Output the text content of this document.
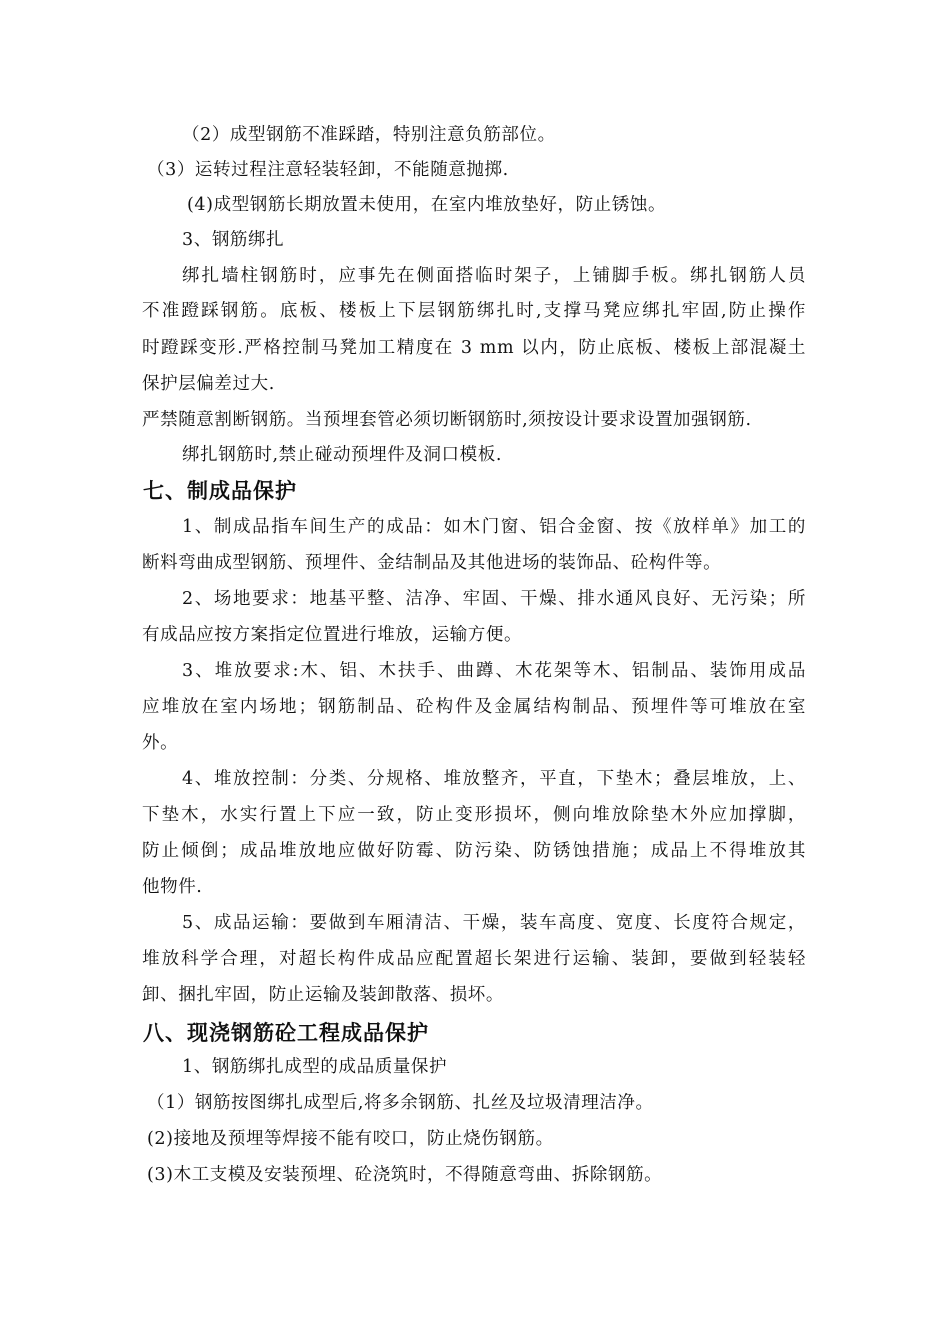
（2）成型钢筋不准踩踏，特别注意负筋部位。
（3）运转过程注意轻装轻卸，不能随意抛掷.
(4)成型钢筋长期放置未使用，在室内堆放垫好，防止锈蚀。
3、钢筋绑扎
绑扎墙柱钢筋时，应事先在侧面搭临时架子，上铺脚手板。绑扎钢筋人员
不准蹬踩钢筋。底板、楼板上下层钢筋绑扎时,支撑马凳应绑扎牢固,防止操作
时蹬踩变形.严格控制马凳加工精度在 3 mm 以内，防止底板、楼板上部混凝土
保护层偏差过大.
严禁随意割断钢筋。当预埋套管必须切断钢筋时,须按设计要求设置加强钢筋.
绑扎钢筋时,禁止碰动预埋件及洞口模板.
七、制成品保护
1、制成品指车间生产的成品：如木门窗、铝合金窗、按《放样单》加工的
断料弯曲成型钢筋、预埋件、金结制品及其他进场的装饰品、砼构件等。
2、场地要求：地基平整、洁净、牢固、干燥、排水通风良好、无污染；所
有成品应按方案指定位置进行堆放，运输方便。
3、堆放要求:木、铝、木扶手、曲蹲、木花架等木、铝制品、装饰用成品
应堆放在室内场地；钢筋制品、砼构件及金属结构制品、预埋件等可堆放在室
外。
4、堆放控制：分类、分规格、堆放整齐，平直，下垫木；叠层堆放，上、
下垫木，水实行置上下应一致，防止变形损坏，侧向堆放除垫木外应加撑脚，
防止倾倒；成品堆放地应做好防霉、防污染、防锈蚀措施；成品上不得堆放其
他物件.
5、成品运输：要做到车厢清洁、干燥，装车高度、宽度、长度符合规定，
堆放科学合理，对超长构件成品应配置超长架进行运输、装卸，要做到轻装轻
卸、捆扎牢固，防止运输及装卸散落、损坏。
八、现浇钢筋砼工程成品保护
1、钢筋绑扎成型的成品质量保护
（1）钢筋按图绑扎成型后,将多余钢筋、扎丝及垃圾清理洁净。
(2)接地及预埋等焊接不能有咬口，防止烧伤钢筋。
(3)木工支模及安装预埋、砼浇筑时，不得随意弯曲、拆除钢筋。
